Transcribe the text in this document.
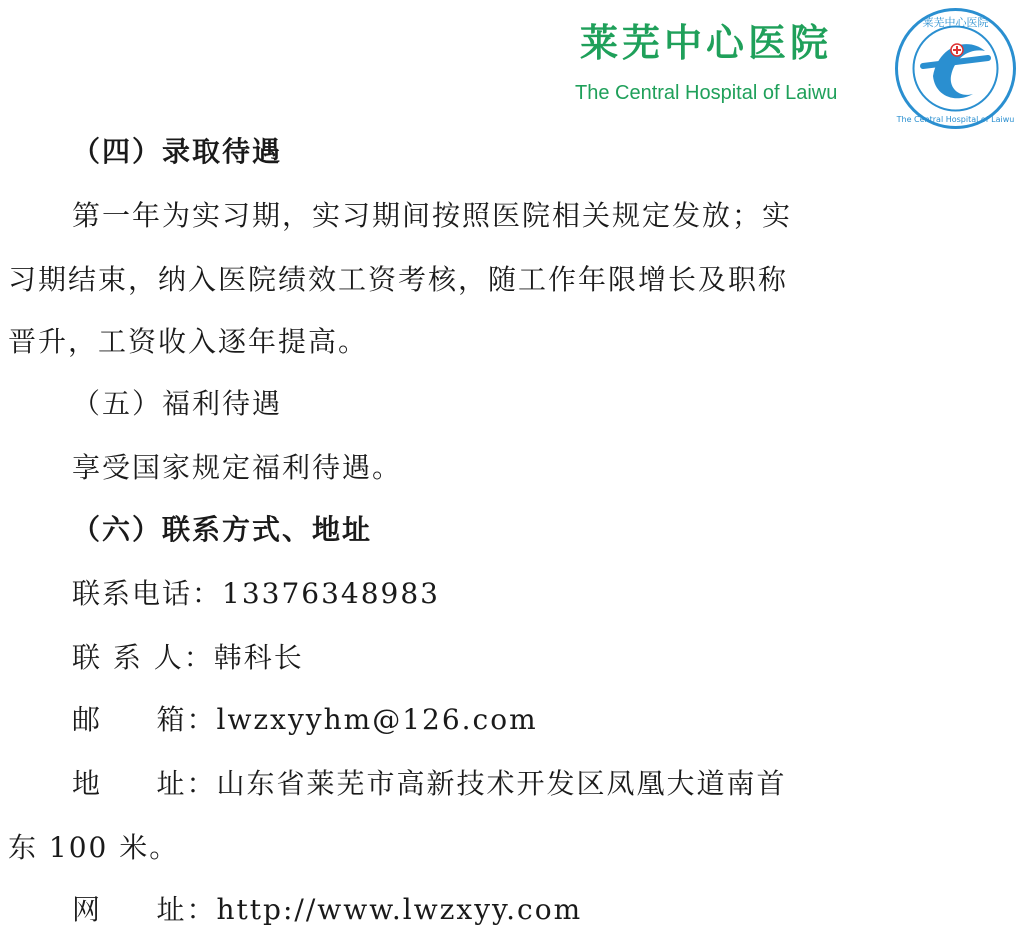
莱芜中心医院
The Central Hospital of Laiwu
莱芜中心医院
The Central Hospital of Laiwu
（四）录取待遇
第一年为实习期，实习期间按照医院相关规定发放；实
习期结束，纳入医院绩效工资考核，随工作年限增长及职称
晋升，工资收入逐年提高。
（五）福利待遇
享受国家规定福利待遇。
（六）联系方式、地址
联系电话：13376348983
联 系 人：韩科长
邮     箱：lwzxyyhm@126.com
地     址：山东省莱芜市高新技术开发区凤凰大道南首
东 100 米。
网     址：http://www.lwzxyy.com
